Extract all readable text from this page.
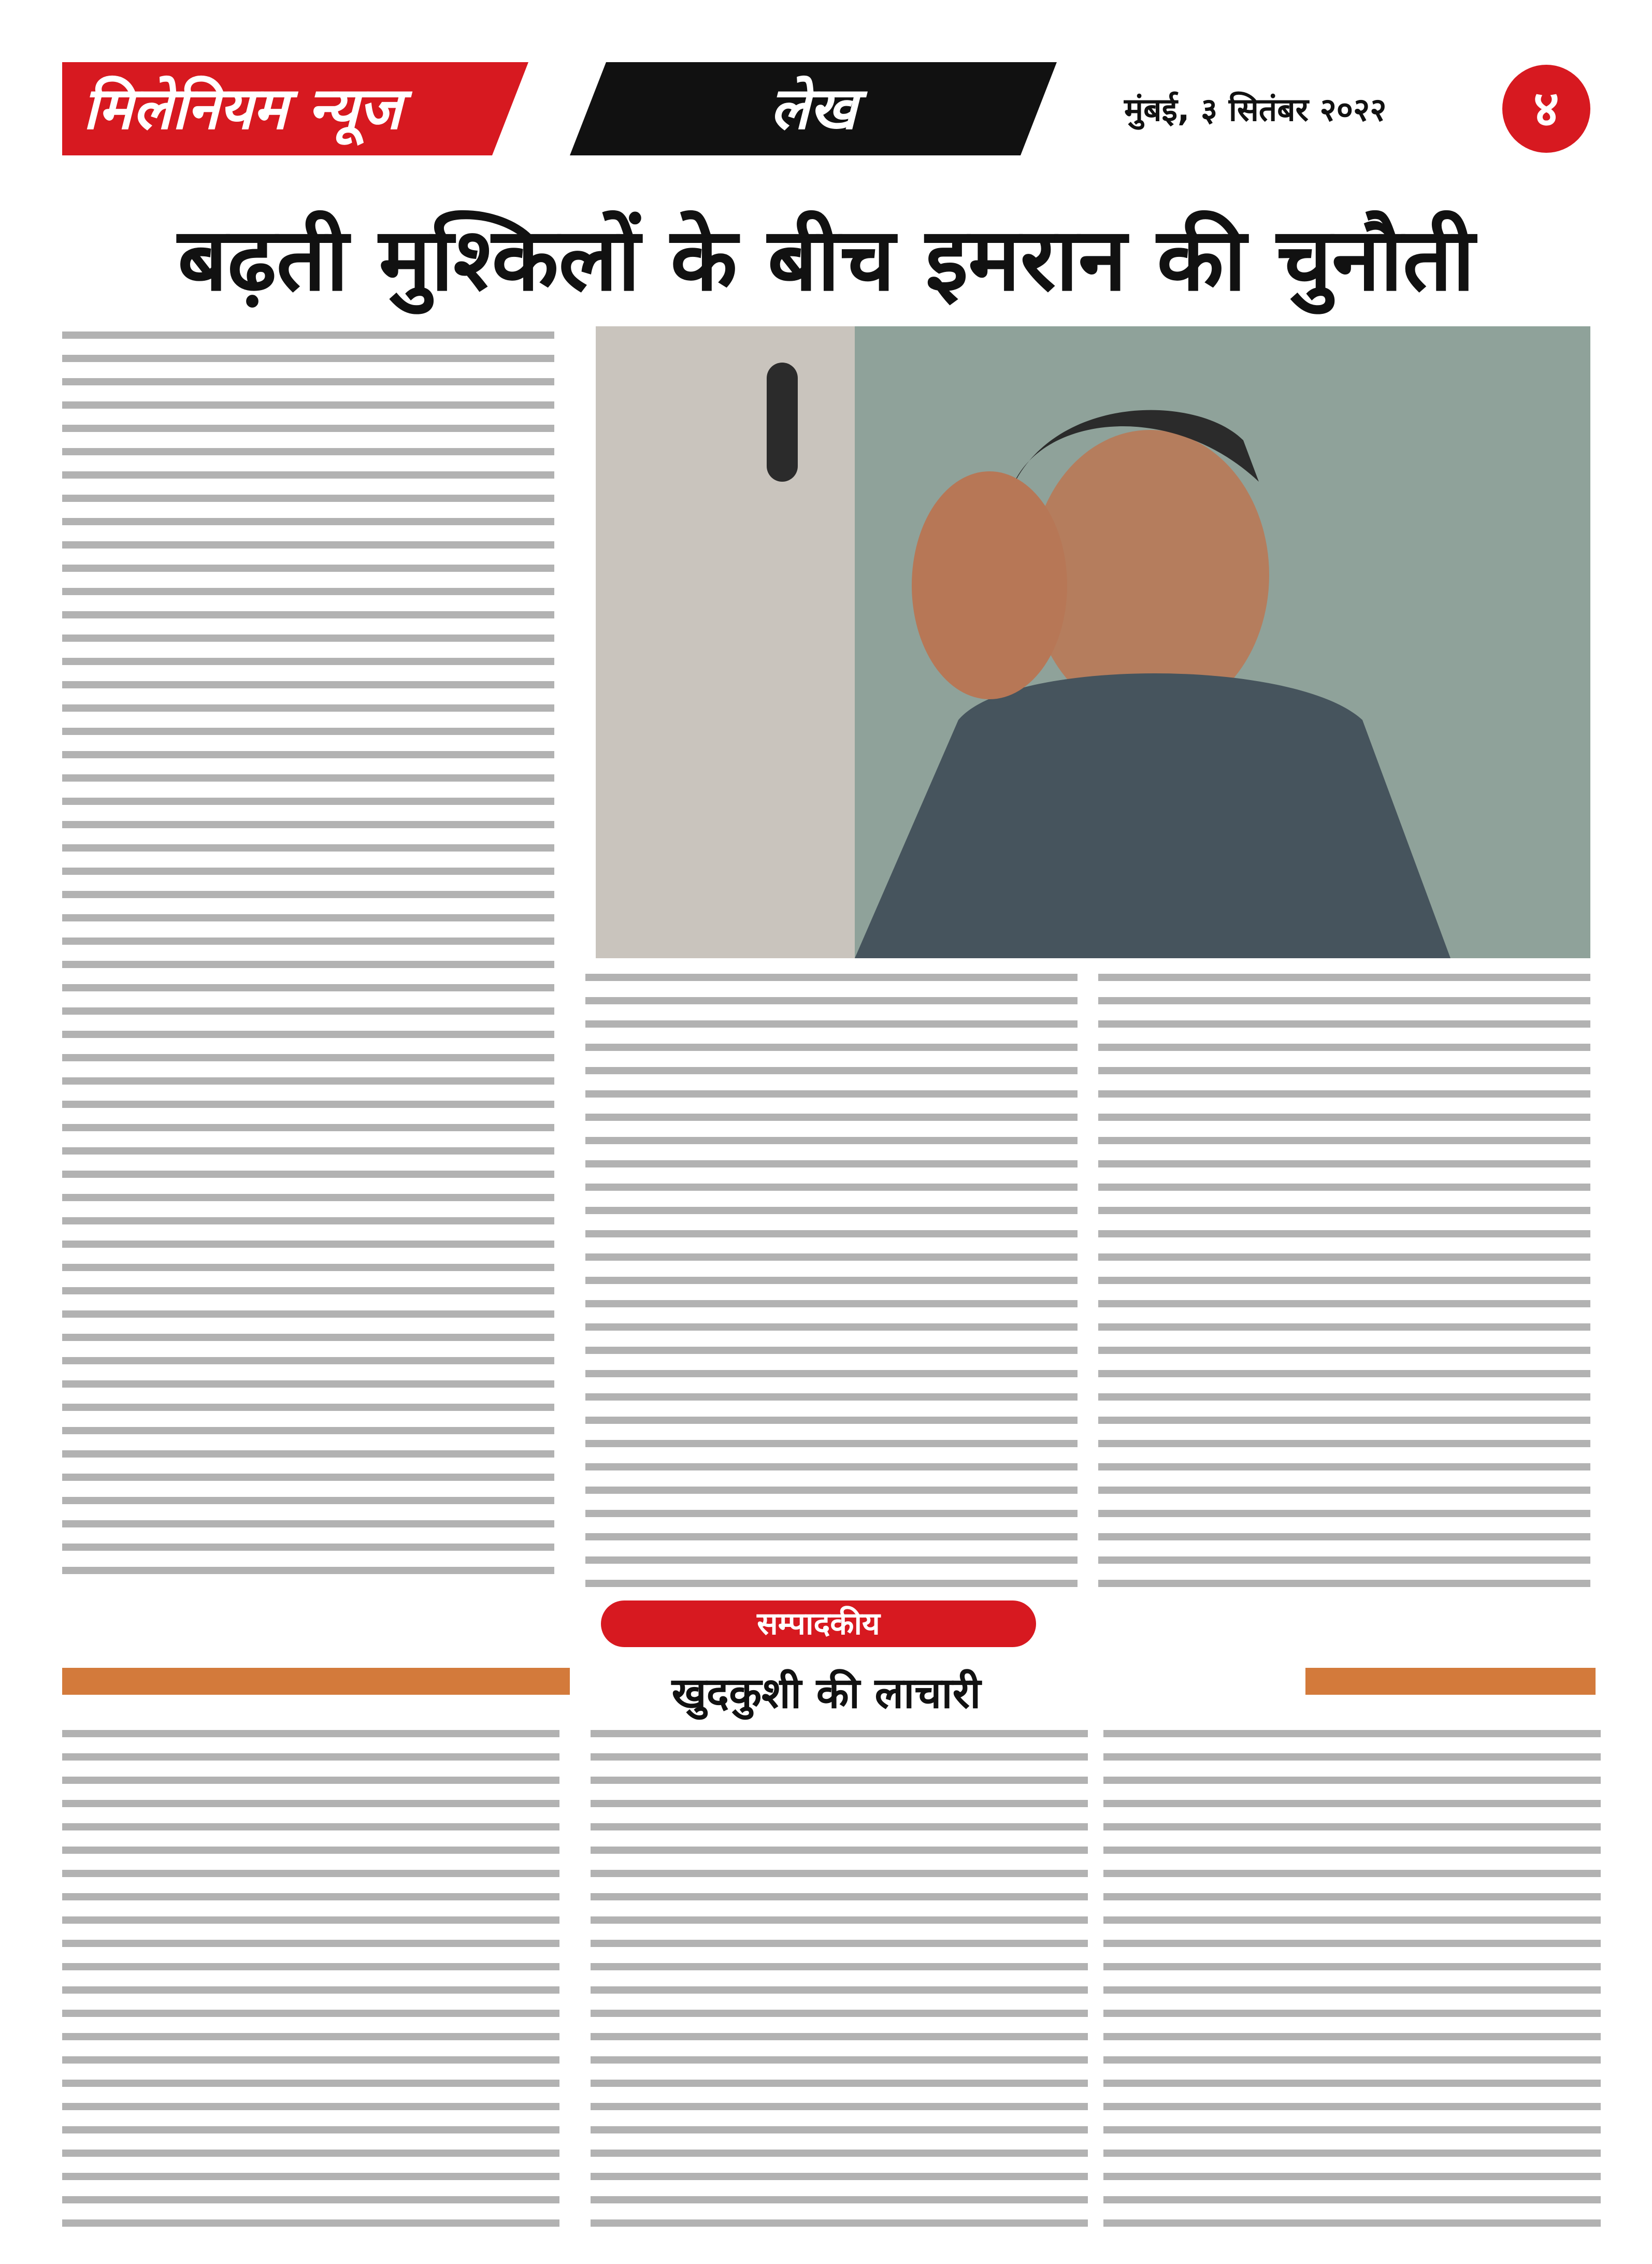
मिलेनियम न्यूज टेक
लेख	मुंबई, ३ सितंबर २०२२	४
बढ़ती मुश्किलों के बीच इमरान की चुनौती
सम्पादकीय
खुदकुशी की लाचारी
